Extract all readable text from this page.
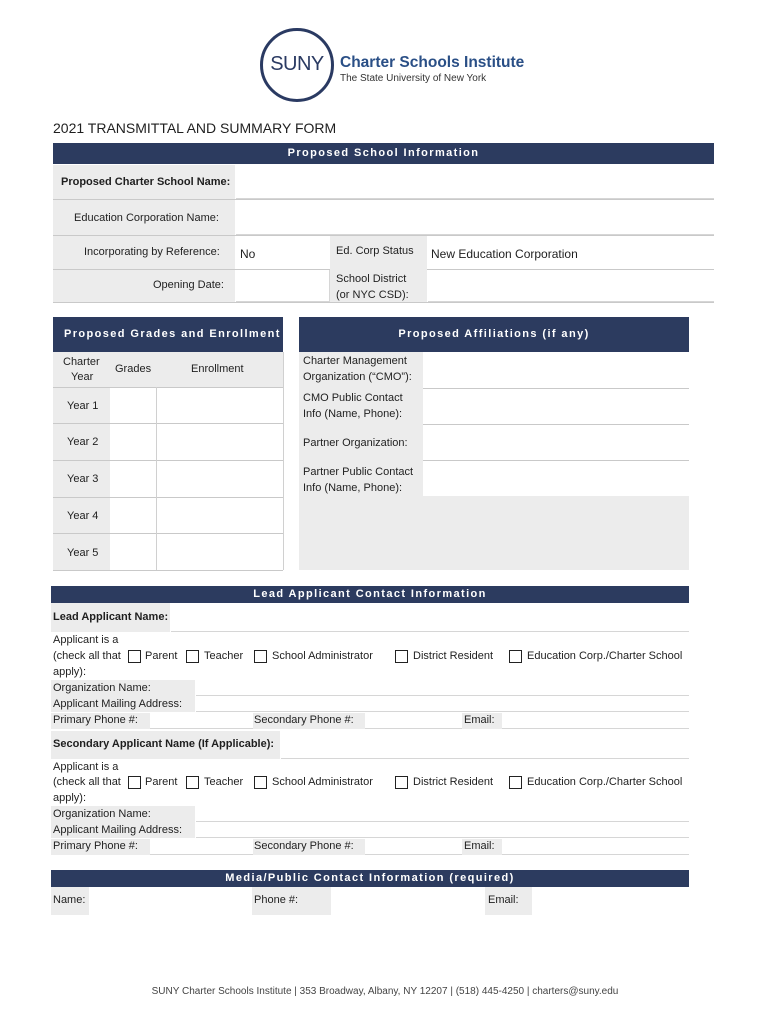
SUNY	Charter Schools Institute
The State University of New York
2021 TRANSMITTAL AND SUMMARY FORM
Proposed School Information
Proposed Charter School Name:
Education Corporation Name:
Incorporating by Reference: No	Ed. Corp Status New Education Corporation
Opening Date:	School District
(or NYC CSD):
Proposed Grades and Enrollment
Charter
Year
Grades	Enrollment
Year 1
Year 2
Year 3
Year 4
Year 5
Proposed Affiliations (if any)
Charter Management
Organization (“CMO”):
CMO Public Contact
Info (Name, Phone):
Partner Organization:
Partner Public Contact
Info (Name, Phone):
Lead Applicant Contact Information
Lead Applicant Name:
Applicant is a
(check all that
apply):
Parent Teacher	School Administrator	District Resident	Education Corp./Charter School
Organization Name:
Applicant Mailing Address:
Primary Phone #:	Secondary Phone #:	Email:
Secondary Applicant Name (If Applicable):
Applicant is a
(check all that
apply):
Parent Teacher	School Administrator	District Resident	Education Corp./Charter School
Organization Name:
Applicant Mailing Address:
Primary Phone #:	Secondary Phone #:	Email:
Media/Public Contact Information (required)
Name:	Phone #:	Email:
SUNY Charter Schools Institute | 353 Broadway, Albany, NY 12207 | (518) 445-4250 | charters@suny.edu
